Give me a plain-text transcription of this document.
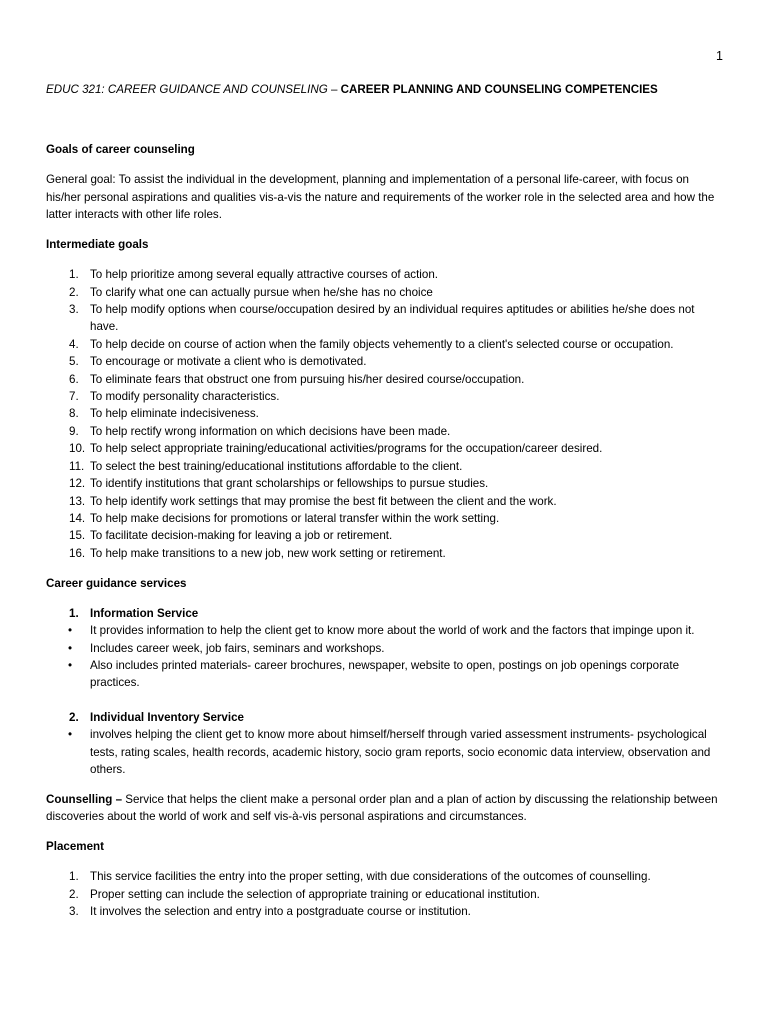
1
EDUC 321: CAREER GUIDANCE AND COUNSELING – CAREER PLANNING AND COUNSELING COMPETENCIES
Goals of career counseling
General goal: To assist the individual in the development, planning and implementation of a personal life-career, with focus on his/her personal aspirations and qualities vis-a-vis the nature and requirements of the worker role in the selected area and how the latter interacts with other life roles.
Intermediate goals
1. To help prioritize among several equally attractive courses of action.
2. To clarify what one can actually pursue when he/she has no choice
3. To help modify options when course/occupation desired by an individual requires aptitudes or abilities he/she does not have.
4. To help decide on course of action when the family objects vehemently to a client's selected course or occupation.
5. To encourage or motivate a client who is demotivated.
6. To eliminate fears that obstruct one from pursuing his/her desired course/occupation.
7. To modify personality characteristics.
8. To help eliminate indecisiveness.
9. To help rectify wrong information on which decisions have been made.
10. To help select appropriate training/educational activities/programs for the occupation/career desired.
11. To select the best training/educational institutions affordable to the client.
12. To identify institutions that grant scholarships or fellowships to pursue studies.
13. To help identify work settings that may promise the best fit between the client and the work.
14. To help make decisions for promotions or lateral transfer within the work setting.
15. To facilitate decision-making for leaving a job or retirement.
16. To help make transitions to a new job, new work setting or retirement.
Career guidance services
1. Information Service
• It provides information to help the client get to know more about the world of work and the factors that impinge upon it.
• Includes career week, job fairs, seminars and workshops.
• Also includes printed materials- career brochures, newspaper, website to open, postings on job openings corporate practices.
2. Individual Inventory Service
• involves helping the client get to know more about himself/herself through varied assessment instruments- psychological tests, rating scales, health records, academic history, socio gram reports, socio economic data interview, observation and others.
Counselling – Service that helps the client make a personal order plan and a plan of action by discussing the relationship between discoveries about the world of work and self vis-à-vis personal aspirations and circumstances.
Placement
1. This service facilities the entry into the proper setting, with due considerations of the outcomes of counselling.
2. Proper setting can include the selection of appropriate training or educational institution.
3. It involves the selection and entry into a postgraduate course or institution.
